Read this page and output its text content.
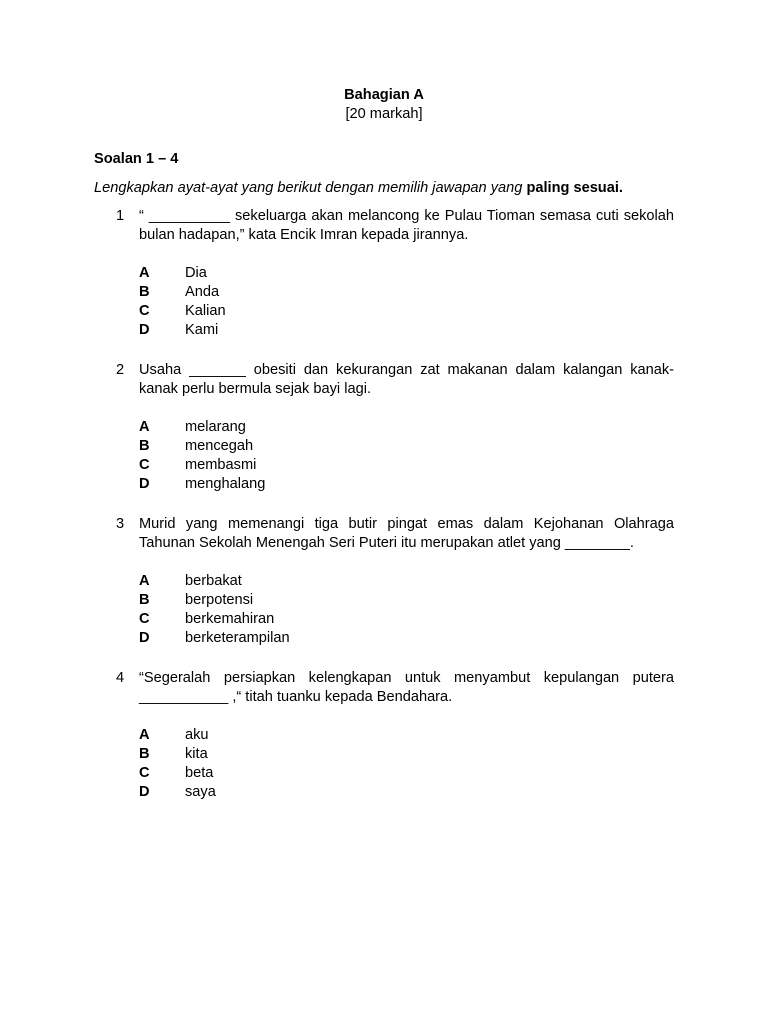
Bahagian A
[20 markah]
Soalan 1 – 4
Lengkapkan ayat-ayat yang berikut dengan memilih jawapan yang paling sesuai.
1 “ __________ sekeluarga akan melancong ke Pulau Tioman semasa cuti sekolah bulan hadapan,” kata Encik Imran kepada jirannya.
A Dia
B Anda
C Kalian
D Kami
2 Usaha _______ obesiti dan kekurangan zat makanan dalam kalangan kanak-kanak perlu bermula sejak bayi lagi.
A melarang
B mencegah
C membasmi
D menghalang
3 Murid yang memenangi tiga butir pingat emas dalam Kejohanan Olahraga Tahunan Sekolah Menengah Seri Puteri itu merupakan atlet yang ________.
A berbakat
B berpotensi
C berkemahiran
D berketerampilan
4 “Segeralah persiapkan kelengkapan untuk menyambut kepulangan putera ___________ ,“ titah tuanku kepada Bendahara.
A aku
B kita
C beta
D saya
